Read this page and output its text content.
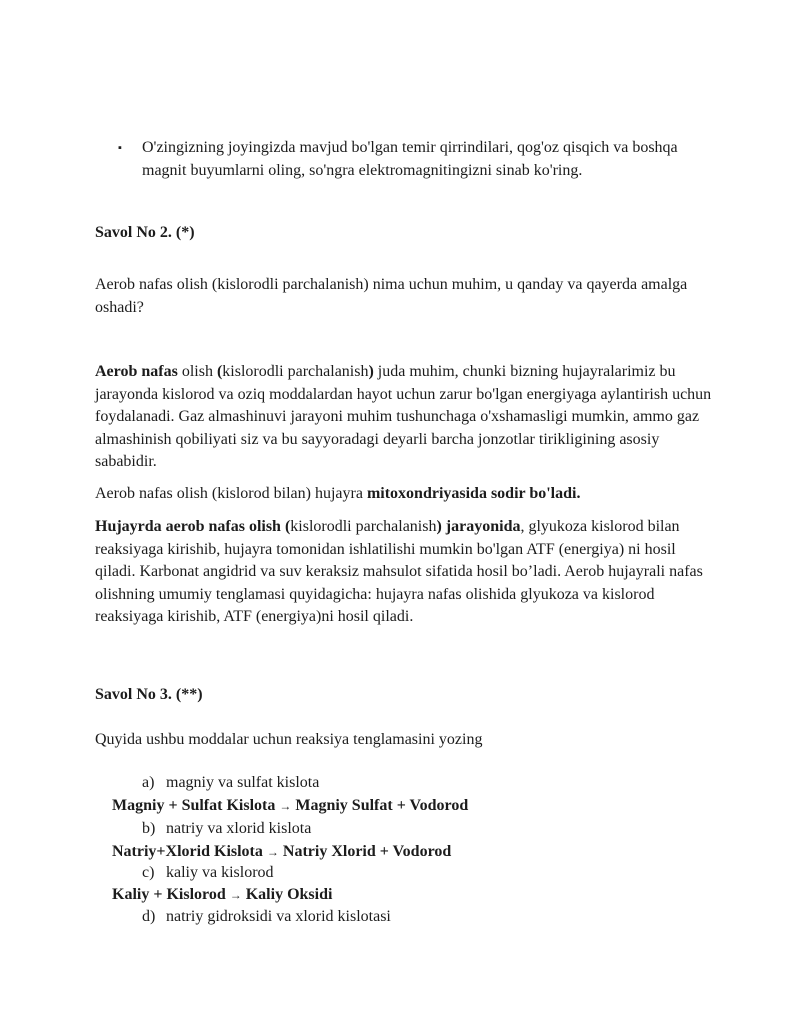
▪ O'zingizning joyingizda mavjud bo'lgan temir qirrindilari, qog'oz qisqich va boshqa magnit buyumlarni oling, so'ngra elektromagnitingizni sinab ko'ring.
Savol No 2. (*)
Aerob nafas olish (kislorodli parchalanish) nima uchun muhim, u qanday va qayerda amalga oshadi?
Aerob nafas olish (kislorodli parchalanish) juda muhim, chunki bizning hujayralarimiz bu jarayonda kislorod va oziq moddalardan hayot uchun zarur bo'lgan energiyaga aylantirish uchun foydalanadi. Gaz almashinuvi jarayoni muhim tushunchaga o'xshamasligi mumkin, ammo gaz almashinish qobiliyati siz va bu sayyoradagi deyarli barcha jonzotlar tirikligining asosiy sababidir.
Aerob nafas olish (kislorod bilan) hujayra mitoxondriyasida sodir bo'ladi.
Hujayrda aerob nafas olish (kislorodli parchalanish) jarayonida, glyukoza kislorod bilan reaksiyaga kirishib, hujayra tomonidan ishlatilishi mumkin bo'lgan ATF (energiya) ni hosil qiladi. Karbonat angidrid va suv keraksiz mahsulot sifatida hosil bo’ladi. Aerob hujayrali nafas olishning umumiy tenglamasi quyidagicha: hujayra nafas olishida glyukoza va kislorod reaksiyaga kirishib, ATF (energiya)ni hosil qiladi.
Savol No 3. (**)
Quyida ushbu moddalar uchun reaksiya tenglamasini yozing
a) magniy va sulfat kislota
Magniy + Sulfat Kislota → Magniy Sulfat + Vodorod
b) natriy va xlorid kislota
Natriy+Xlorid Kislota → Natriy Xlorid + Vodorod
c) kaliy va kislorod
Kaliy + Kislorod → Kaliy Oksidi
d) natriy gidroksidi va xlorid kislotasi
